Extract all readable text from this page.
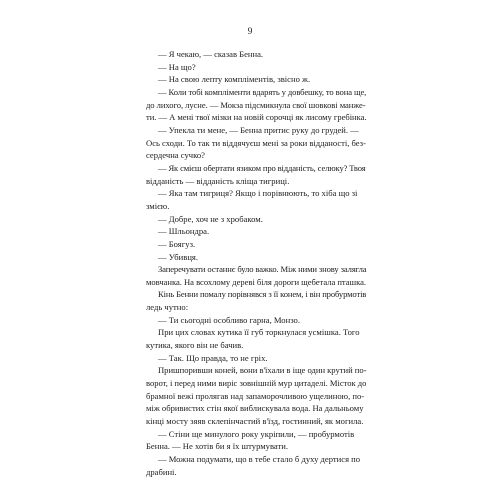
9
— Я чекаю, — сказав Бенна.
— На що?
— На свою лепту компліментів, звісно ж.
— Коли тобі компліменти вдарять у довбешку, то вона ще,
до лихого, лусне. — Мокза підсмикнула свої шовкові манже-
ти. — А мені твої мізки на новій сорочці як лисому гребінка.
— Упекла ти мене, — Бенна притис руку до грудей. —
Ось сходи. То так ти віддячуєш мені за роки відданості, без-
сердечна сучко?
— Як смієш обертати язиком про відданість, селюку? Твоя
відданість — відданість кліща тигриці.
— Яка там тигриця? Якщо і порівнюють, то хіба що зі
змією.
— Добре, хоч не з хробаком.
— Шльондра.
— Боягуз.
— Убивця.
Заперечувати останнє було важко. Між ними знову залягла
мовчанка. На всохлому дереві біля дороги щебетала пташка.
Кінь Бенни помалу порівнявся з її конем, і він пробурмотів
ледь чутно:
— Ти сьогодні особливо гарна, Монзо.
При цих словах кутика її губ торкнулася усмішка. Того
кутика, якого він не бачив.
— Так. Що правда, то не гріх.
Пришпоривши коней, вони в'їхали в іще один крутий по-
ворот, і перед ними виріс зовнішній мур цитаделі. Місток до
брамної вежі пролягав над запаморочливою ущелиною, по-
між обривистих стін якої виблискувала вода. На дальньому
кінці мосту зяяв склепінчастий в'їзд, гостинний, як могила.
— Стіни ще минулого року укріпили, — пробурмотів
Бенна. — Не хотів би я їх штурмувати.
— Можна подумати, що в тебе стало б духу дертися по
драбині.
